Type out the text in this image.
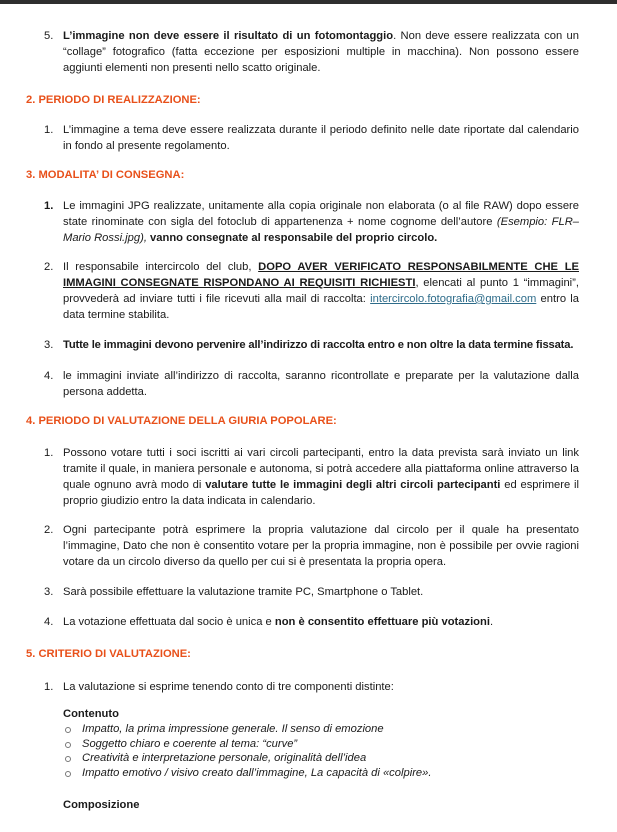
5. L’immagine non deve essere il risultato di un fotomontaggio. Non deve essere realizzata con un “collage” fotografico (fatta eccezione per esposizioni multiple in macchina). Non possono essere aggiunti elementi non presenti nello scatto originale.
2. PERIODO DI REALIZZAZIONE:
1. L’immagine a tema deve essere realizzata durante il periodo definito nelle date riportate dal calendario in fondo al presente regolamento.
3. MODALITA’ DI CONSEGNA:
1. Le immagini JPG realizzate, unitamente alla copia originale non elaborata (o al file RAW) dopo essere state rinominate con sigla del fotoclub di appartenenza + nome cognome dell’autore (Esempio: FLR–Mario Rossi.jpg), vanno consegnate al responsabile del proprio circolo.
2. Il responsabile intercircolo del club, DOPO AVER VERIFICATO RESPONSABILMENTE CHE LE IMMAGINI CONSEGNATE RISPONDANO AI REQUISITI RICHIESTI, elencati al punto 1 “immagini”, provvederà ad inviare tutti i file ricevuti alla mail di raccolta: intercircolo.fotografia@gmail.com entro la data termine stabilita.
3. Tutte le immagini devono pervenire all’indirizzo di raccolta entro e non oltre la data termine fissata.
4. le immagini inviate all’indirizzo di raccolta, saranno ricontrollate e preparate per la valutazione dalla persona addetta.
4. PERIODO DI VALUTAZIONE DELLA GIURIA POPOLARE:
1. Possono votare tutti i soci iscritti ai vari circoli partecipanti, entro la data prevista sarà inviato un link tramite il quale, in maniera personale e autonoma, si potrà accedere alla piattaforma online attraverso la quale ognuno avrà modo di valutare tutte le immagini degli altri circoli partecipanti ed esprimere il proprio giudizio entro la data indicata in calendario.
2. Ogni partecipante potrà esprimere la propria valutazione dal circolo per il quale ha presentato l’immagine, Dato che non è consentito votare per la propria immagine, non è possibile per ovvie ragioni votare da un circolo diverso da quello per cui si è presentata la propria opera.
3. Sarà possibile effettuare la valutazione tramite PC, Smartphone o Tablet.
4. La votazione effettuata dal socio è unica e non è consentito effettuare più votazioni.
5. CRITERIO DI VALUTAZIONE:
1. La valutazione si esprime tenendo conto di tre componenti distinte:
Contenuto
Impatto, la prima impressione generale. Il senso di emozione
Soggetto chiaro e coerente al tema: “curve”
Creatività e interpretazione personale, originalità dell’idea
Impatto emotivo / visivo creato dall’immagine, La capacità di «colpire».
Composizione
